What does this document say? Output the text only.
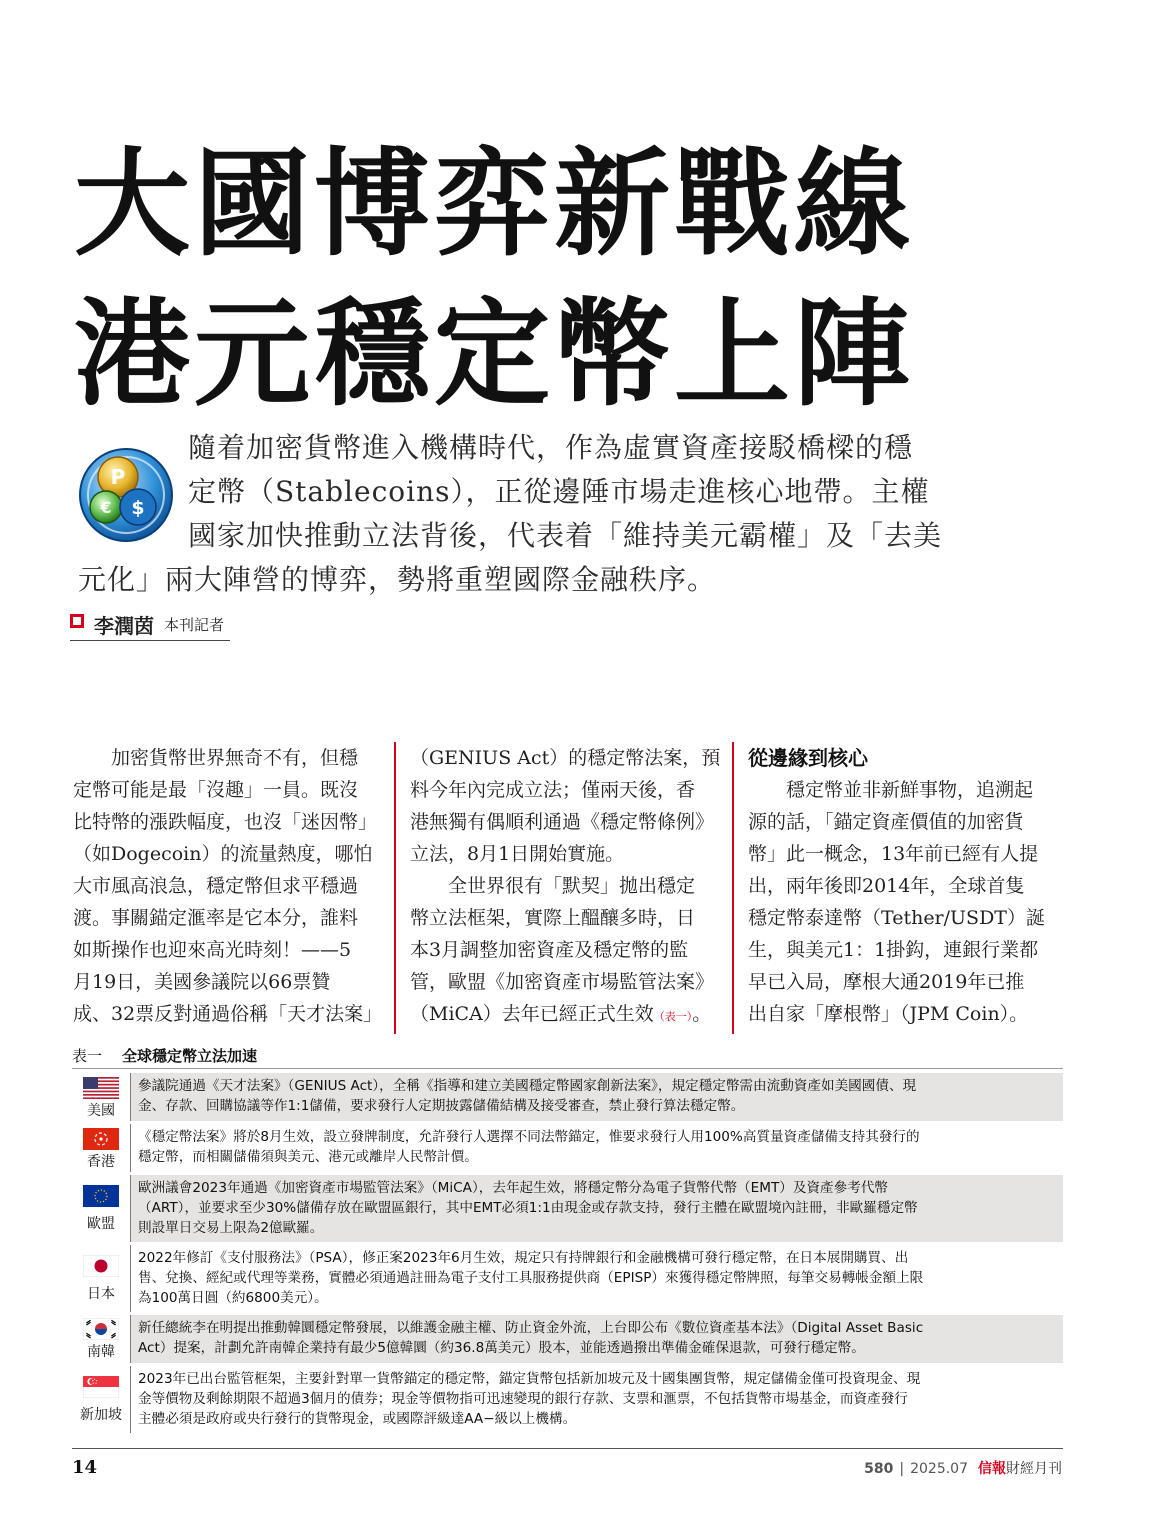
大國博弈新戰線
港元穩定幣上陣
P
€ $
隨着加密貨幣進入機構時代，作為虛實資產接駁橋樑的穩
定幣（Stablecoins），正從邊陲市場走進核心地帶。主權
國家加快推動立法背後，代表着「維持美元霸權」及「去美
元化」兩大陣營的博弈，勢將重塑國際金融秩序。
李潤茵 本刊記者
　　加密貨幣世界無奇不有，但穩
定幣可能是最「沒趣」一員。既沒
比特幣的漲跌幅度，也沒「迷因幣」
（如Dogecoin）的流量熱度，哪怕
大市風高浪急，穩定幣但求平穩過
渡。事關錨定滙率是它本分，誰料
如斯操作也迎來高光時刻！——5
月19日，美國參議院以66票贊
成、32票反對通過俗稱「天才法案」
（GENIUS Act）的穩定幣法案，預
料今年內完成立法；僅兩天後，香
港無獨有偶順利通過《穩定幣條例》
立法，8月1日開始實施。
　　全世界很有「默契」拋出穩定
幣立法框架，實際上醞釀多時，日
本3月調整加密資產及穩定幣的監
管，歐盟《加密資產市場監管法案》
（MiCA）去年已經正式生效（表一）。
從邊緣到核心
　　穩定幣並非新鮮事物，追溯起
源的話，「錨定資產價值的加密貨
幣」此一概念，13年前已經有人提
出，兩年後即2014年，全球首隻
穩定幣泰達幣（Tether/USDT）誕
生，與美元1：1掛鈎，連銀行業都
早已入局，摩根大通2019年已推
出自家「摩根幣」（JPM Coin）。
表一 全球穩定幣立法加速
美國
參議院通過《天才法案》（GENIUS Act），全稱《指導和建立美國穩定幣國家創新法案》，規定穩定幣需由流動資產如美國國債、現
金、存款、回購協議等作1:1儲備，要求發行人定期披露儲備結構及接受審查，禁止發行算法穩定幣。
香港
《穩定幣法案》將於8月生效，設立發牌制度，允許發行人選擇不同法幣錨定，惟要求發行人用100%高質量資產儲備支持其發行的
穩定幣，而相關儲備須與美元、港元或離岸人民幣計價。
歐盟
歐洲議會2023年通過《加密資產市場監管法案》（MiCA），去年起生效，將穩定幣分為電子貨幣代幣（EMT）及資產參考代幣
（ART），並要求至少30%儲備存放在歐盟區銀行，其中EMT必須1:1由現金或存款支持，發行主體在歐盟境內註冊，非歐羅穩定幣
則設單日交易上限為2億歐羅。
日本
2022年修訂《支付服務法》（PSA），修正案2023年6月生效，規定只有持牌銀行和金融機構可發行穩定幣，在日本展開購買、出
售、兌換、經紀或代理等業務，實體必須通過註冊為電子支付工具服務提供商（EPISP）來獲得穩定幣牌照，每筆交易轉帳金額上限
為100萬日圓（約6800美元）。
南韓
新任總統李在明提出推動韓圜穩定幣發展，以維護金融主權、防止資金外流，上台即公布《數位資產基本法》（Digital Asset Basic
Act）提案，計劃允許南韓企業持有最少5億韓圜（約36.8萬美元）股本，並能透過撥出準備金確保退款，可發行穩定幣。
新加坡
2023年已出台監管框架，主要針對單一貨幣錨定的穩定幣，錨定貨幣包括新加坡元及十國集團貨幣，規定儲備金僅可投資現金、現
金等價物及剩餘期限不超過3個月的債券；現金等價物指可迅速變現的銀行存款、支票和滙票，不包括貨幣市場基金，而資產發行
主體必須是政府或央行發行的貨幣現金，或國際評級達AA−級以上機構。
14	580 | 2025.07 信報財經月刊
